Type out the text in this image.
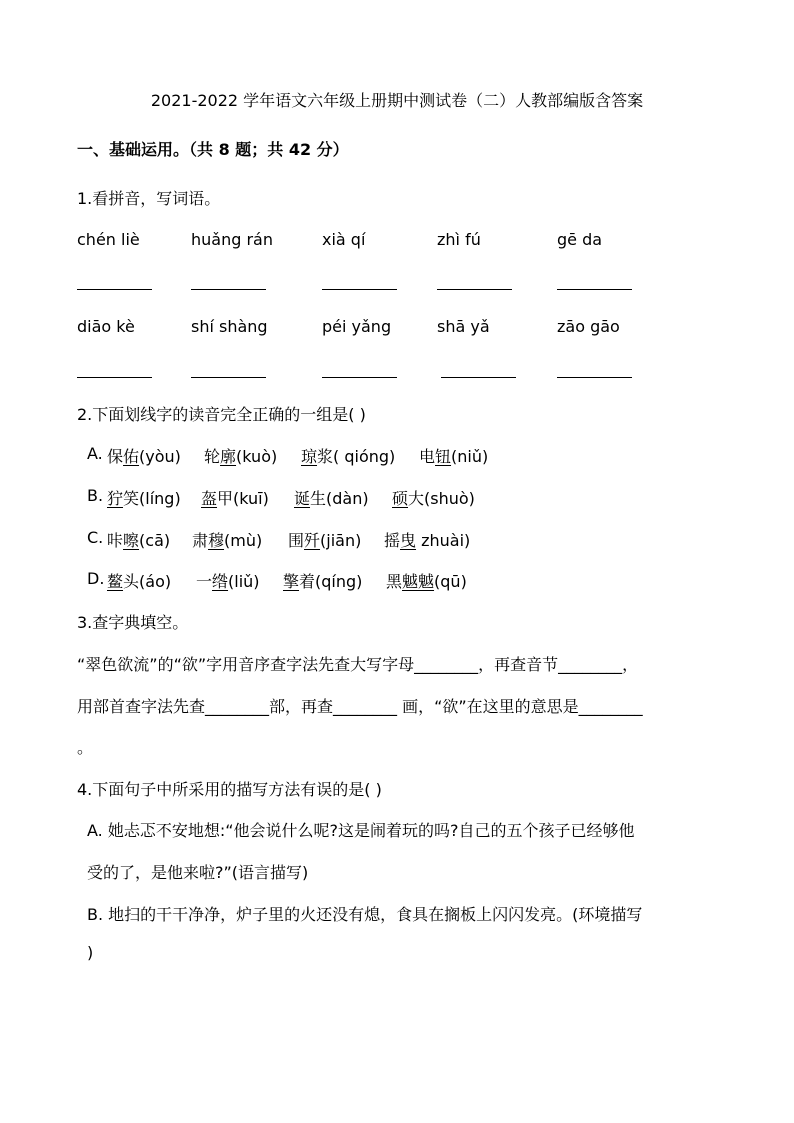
2021-2022 学年语文六年级上册期中测试卷（二）人教部编版含答案
一、基础运用。（共 8 题；共 42 分）
1.看拼音，写词语。
chén liè	huǎng rán	xià qí	zhì fú	gē da
diāo kè	shí shàng	péi yǎng	shā yǎ	zāo gāo
2.下面划线字的读音完全正确的一组是( )
A. 保佑(yòu) 轮廓(kuò) 琼浆( qióng) 电钮(niǔ)
B. 狞笑(líng) 盔甲(kuī) 诞生(dàn) 硕大(shuò)
C. 咔嚓(cā) 肃穆(mù) 围歼(jiān) 摇曳 zhuài)
D. 鳌头(áo) 一绺(liǔ) 擎着(qíng) 黑魆魆(qū)
3.查字典填空。
“翠色欲流”的“欲”字用音序查字法先查大写字母________，再查音节________，
用部首查字法先查________部，再查________ 画，“欲”在这里的意思是________
。
4.下面句子中所采用的描写方法有误的是( )
A. 她忐忑不安地想:“他会说什么呢?这是闹着玩的吗?自己的五个孩子已经够他
受的了，是他来啦?”(语言描写)
B. 地扫的干干净净，炉子里的火还没有熄，食具在搁板上闪闪发亮。(环境描写
)
